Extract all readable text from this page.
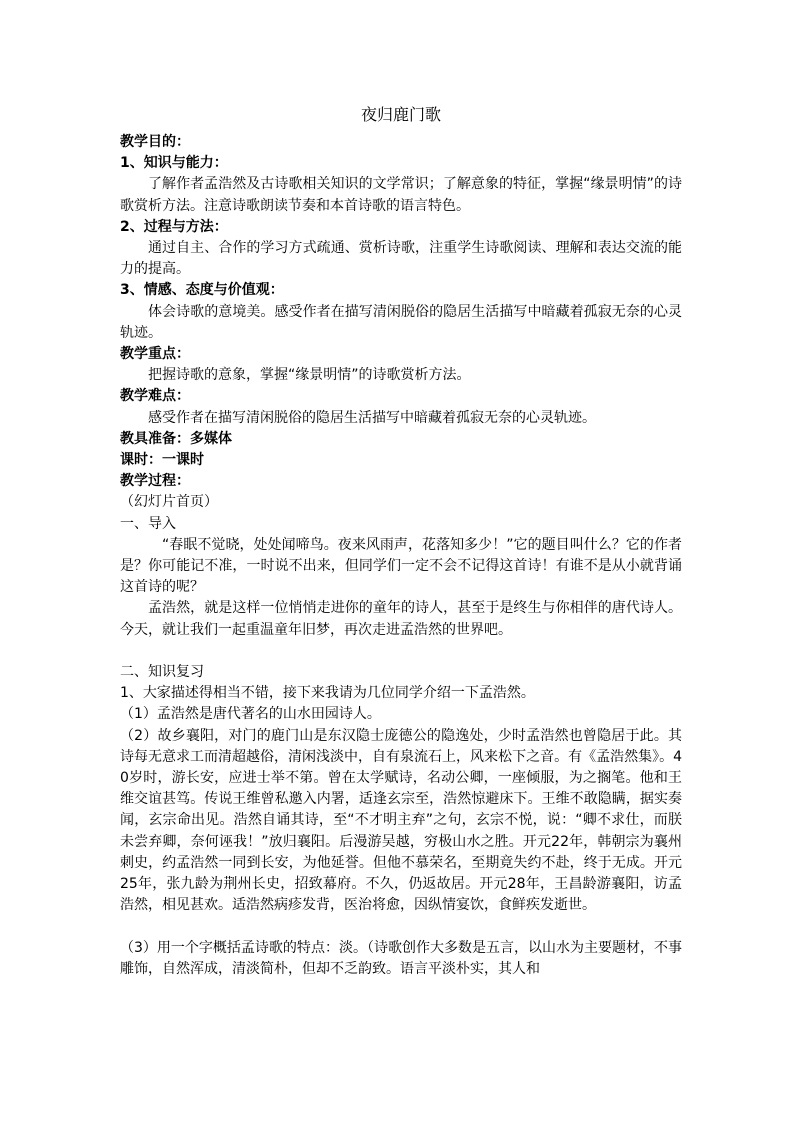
夜归鹿门歌

教学目的：

1、知识与能力：

了解作者孟浩然及古诗歌相关知识的文学常识；了解意象的特征，掌握“缘景明情”的诗歌赏析方法。注意诗歌朗读节奏和本首诗歌的语言特色。

2、过程与方法：

通过自主、合作的学习方式疏通、赏析诗歌，注重学生诗歌阅读、理解和表达交流的能力的提高。

3、情感、态度与价值观：

体会诗歌的意境美。感受作者在描写清闲脱俗的隐居生活描写中暗藏着孤寂无奈的心灵轨迹。

教学重点：

把握诗歌的意象，掌握“缘景明情”的诗歌赏析方法。

教学难点：

感受作者在描写清闲脱俗的隐居生活描写中暗藏着孤寂无奈的心灵轨迹。

教具准备：多媒体

课时：一课时

教学过程：

（幻灯片首页）

一、导入

“春眠不觉晓，处处闻啼鸟。夜来风雨声，花落知多少！”它的题目叫什么？它的作者是？你可能记不准，一时说不出来，但同学们一定不会不记得这首诗！有谁不是从小就背诵这首诗的呢？

孟浩然，就是这样一位悄悄走进你的童年的诗人，甚至于是终生与你相伴的唐代诗人。今天，就让我们一起重温童年旧梦，再次走进孟浩然的世界吧。

二、知识复习

1、大家描述得相当不错，接下来我请为几位同学介绍一下孟浩然。

（1）孟浩然是唐代著名的山水田园诗人。

（2）故乡襄阳，对门的鹿门山是东汉隐士庞德公的隐逸处，少时孟浩然也曾隐居于此。其诗每无意求工而清超越俗，清闲浅淡中，自有泉流石上，风来松下之音。有《孟浩然集》。40岁时，游长安，应进士举不第。曾在太学赋诗，名动公卿，一座倾服，为之搁笔。他和王维交谊甚笃。传说王维曾私邀入内署，适逢玄宗至，浩然惊避床下。王维不敢隐瞒，据实奏闻，玄宗命出见。浩然自诵其诗，至“不才明主弃”之句，玄宗不悦，说：“卿不求仕，而朕未尝弃卿，奈何诬我！”放归襄阳。后漫游吴越，穷极山水之胜。开元22年，韩朝宗为襄州刺史，约孟浩然一同到长安，为他延誉。但他不慕荣名，至期竟失约不赴，终于无成。开元25年，张九龄为荆州长史，招致幕府。不久，仍返故居。开元28年，王昌龄游襄阳，访孟浩然，相见甚欢。适浩然病疹发背，医治将愈，因纵情宴饮，食鲜疾发逝世。

（3）用一个字概括孟诗歌的特点：淡。（诗歌创作大多数是五言，以山水为主要题材，不事雕饰，自然浑成，清淡简朴，但却不乏韵致。语言平淡朴实，其人和
